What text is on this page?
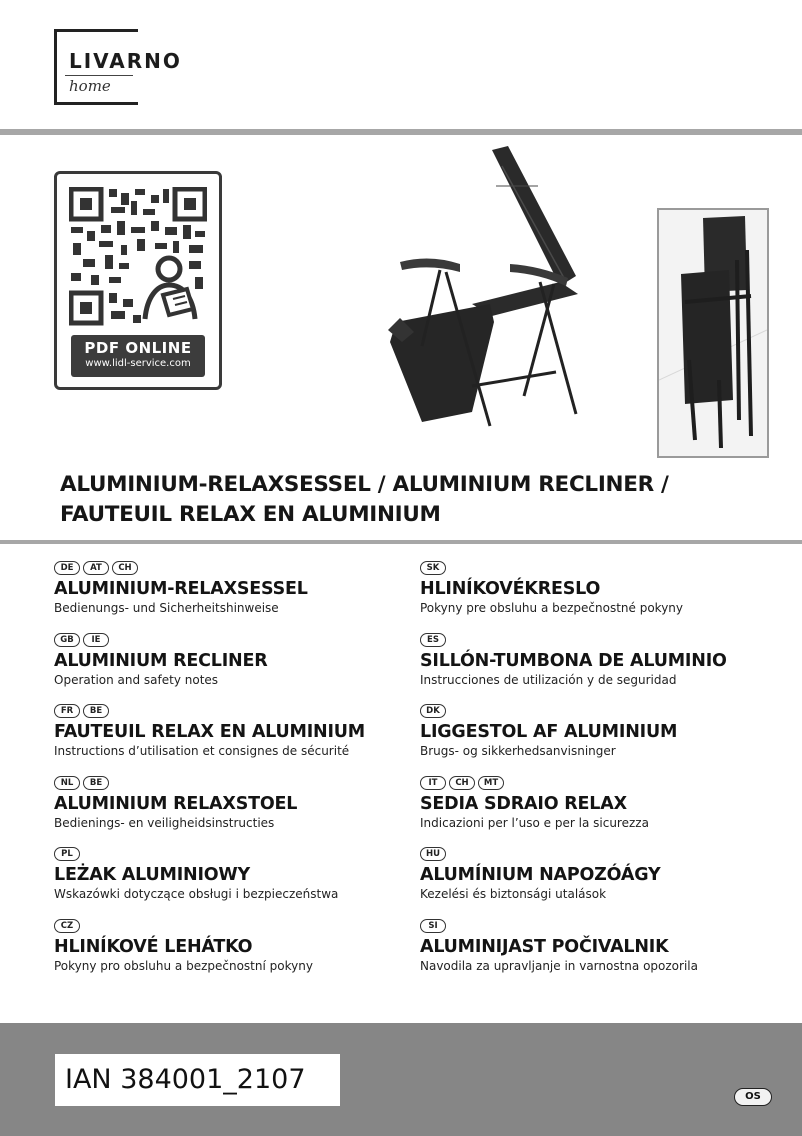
LIVARNO
home
PDF ONLINE
www.lidl-service.com
ALUMINIUM-RELAXSESSEL / ALUMINIUM RECLINER /
FAUTEUIL RELAX EN ALUMINIUM
DE	AT	CH
ALUMINIUM-RELAXSESSEL
Bedienungs- und Sicherheitshinweise
GB	IE
ALUMINIUM RECLINER
Operation and safety notes
FR	BE
FAUTEUIL RELAX EN ALUMINIUM
Instructions d’utilisation et consignes de sécurité
NL	BE
ALUMINIUM RELAXSTOEL
Bedienings- en veiligheidsinstructies
PL
LEŻAK ALUMINIOWY
Wskazówki dotyczące obsługi i bezpieczeństwa
CZ
HLINÍKOVÉ LEHÁTKO
Pokyny pro obsluhu a bezpečnostní pokyny
SK
HLINÍKOVÉKRESLO
Pokyny pre obsluhu a bezpečnostné pokyny
ES
SILLÓN-TUMBONA DE ALUMINIO
Instrucciones de utilización y de seguridad
DK
LIGGESTOL AF ALUMINIUM
Brugs- og sikkerhedsanvisninger
IT	CH	MT
SEDIA SDRAIO RELAX
Indicazioni per l’uso e per la sicurezza
HU
ALUMÍNIUM NAPOZÓÁGY
Kezelési és biztonsági utalások
SI
ALUMINIJAST POČIVALNIK
Navodila za upravljanje in varnostna opozorila
IAN 384001_2107
OS
